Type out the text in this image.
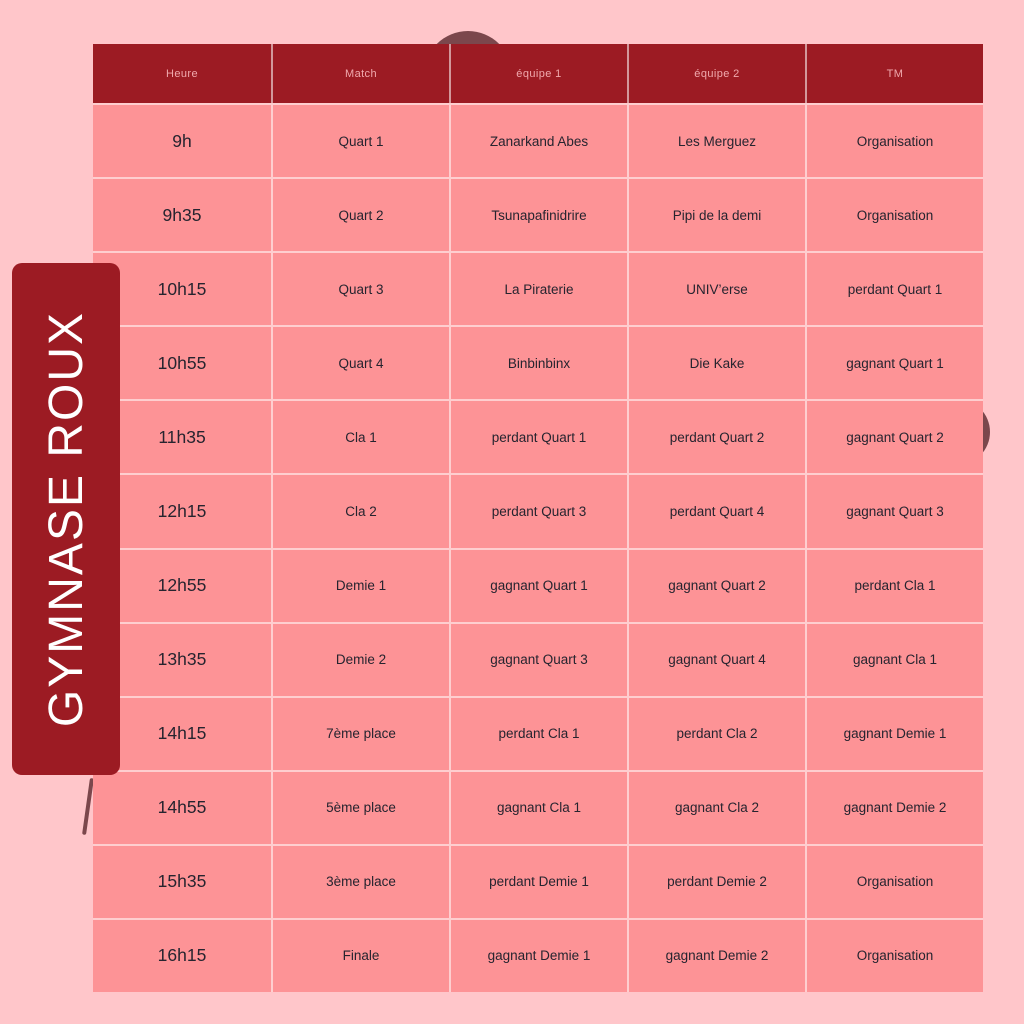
Heure	Match	équipe 1	équipe 2	TM
9h	Quart 1	Zanarkand Abes	Les Merguez	Organisation
9h35	Quart 2	Tsunapafinidrire	Pipi de la demi	Organisation
10h15	Quart 3	La Piraterie	UNIV’erse	perdant Quart 1
10h55	Quart 4	Binbinbinx	Die Kake	gagnant Quart 1
11h35	Cla 1	perdant Quart 1	perdant Quart 2	gagnant Quart 2
12h15	Cla 2	perdant Quart 3	perdant Quart 4	gagnant Quart 3
12h55	Demie 1	gagnant Quart 1	gagnant Quart 2	perdant Cla 1
13h35	Demie 2	gagnant Quart 3	gagnant Quart 4	gagnant Cla 1
14h15	7ème place	perdant Cla 1	perdant Cla 2	gagnant Demie 1
14h55	5ème place	gagnant Cla 1	gagnant Cla 2	gagnant Demie 2
15h35	3ème place	perdant Demie 1	perdant Demie 2	Organisation
16h15	Finale	gagnant Demie 1	gagnant Demie 2	Organisation
GYMNASE ROUX
